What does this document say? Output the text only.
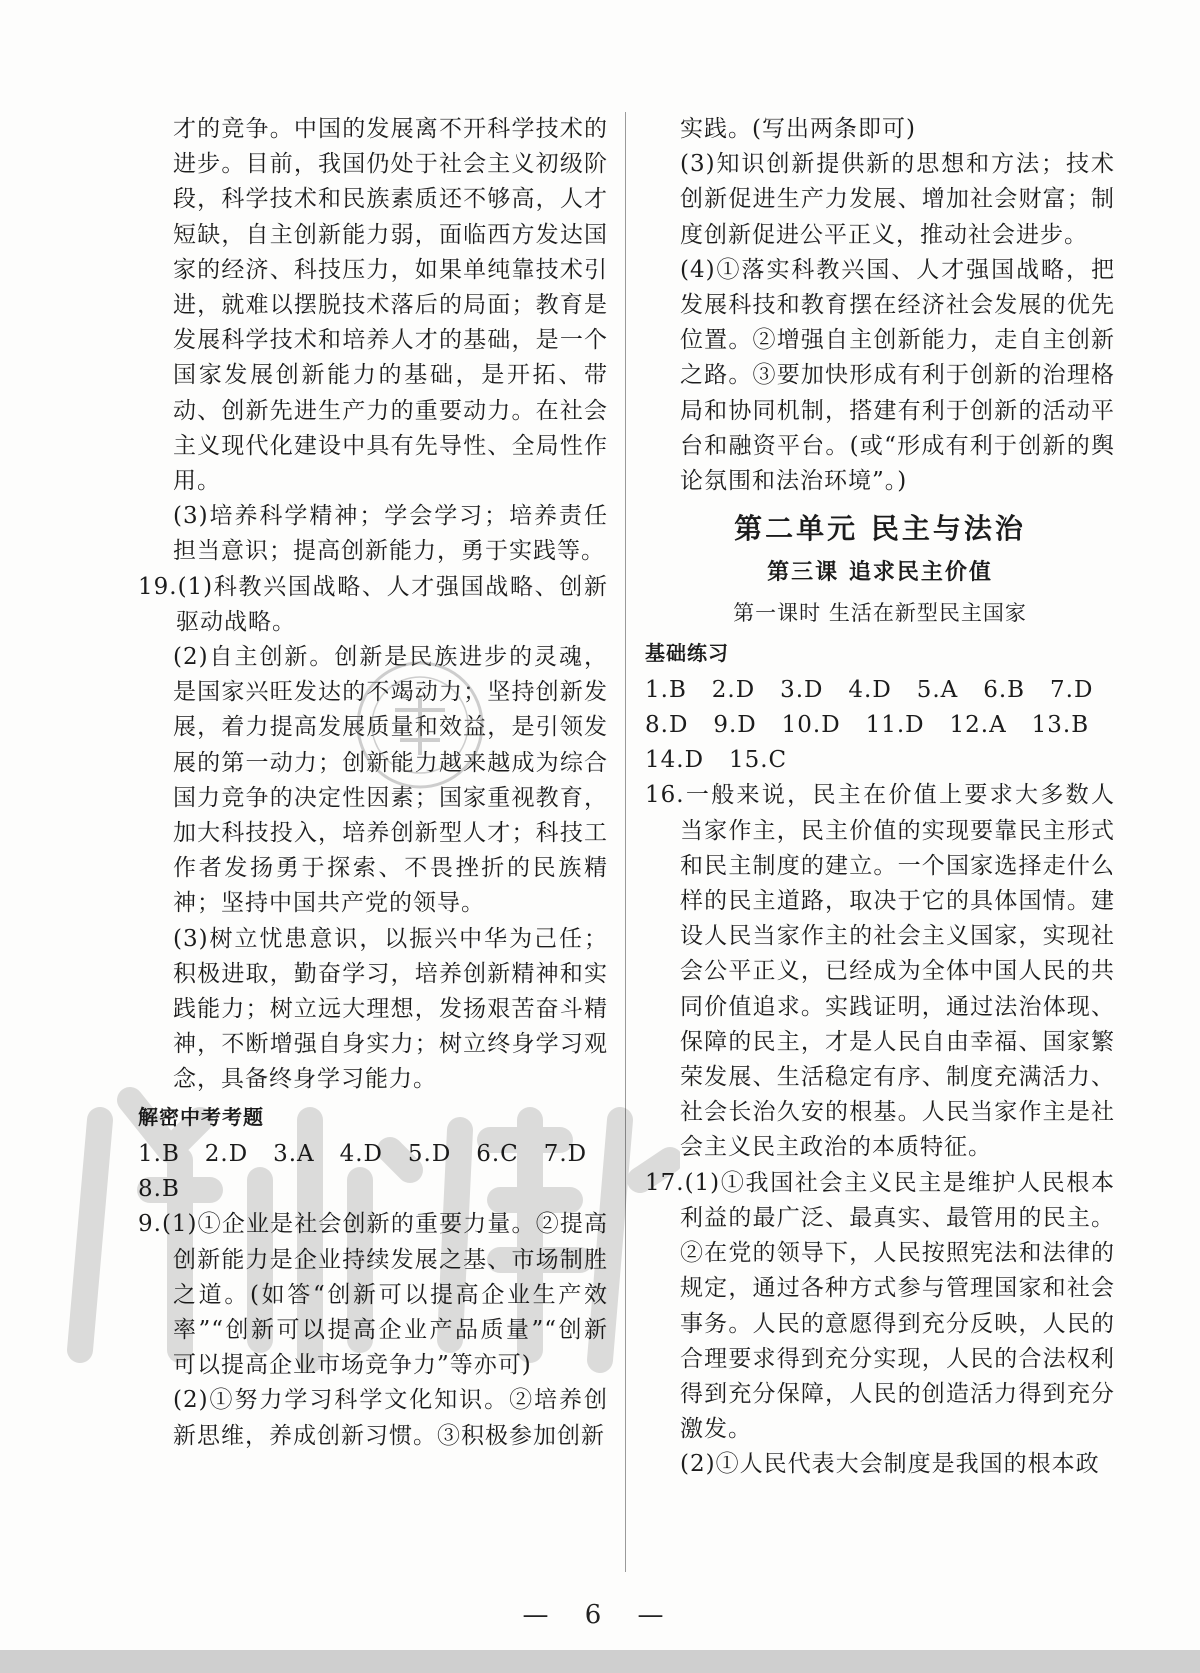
才的竞争。中国的发展离不开科学技术的进步。目前，我国仍处于社会主义初级阶段，科学技术和民族素质还不够高，人才短缺，自主创新能力弱，面临西方发达国家的经济、科技压力，如果单纯靠技术引进，就难以摆脱技术落后的局面；教育是发展科学技术和培养人才的基础，是一个国家发展创新能力的基础，是开拓、带动、创新先进生产力的重要动力。在社会主义现代化建设中具有先导性、全局性作用。

(3)培养科学精神；学会学习；培养责任担当意识；提高创新能力，勇于实践等。

19.(1)科教兴国战略、人才强国战略、创新驱动战略。

(2)自主创新。创新是民族进步的灵魂，是国家兴旺发达的不竭动力；坚持创新发展，着力提高发展质量和效益，是引领发展的第一动力；创新能力越来越成为综合国力竞争的决定性因素；国家重视教育，加大科技投入，培养创新型人才；科技工作者发扬勇于探索、不畏挫折的民族精神；坚持中国共产党的领导。

(3)树立忧患意识，以振兴中华为己任；积极进取，勤奋学习，培养创新精神和实践能力；树立远大理想，发扬艰苦奋斗精神，不断增强自身实力；树立终身学习观念，具备终身学习能力。

解密中考考题

1.B   2.D   3.A   4.D   5.D   6.C   7.D

8.B

9.(1)①企业是社会创新的重要力量。②提高创新能力是企业持续发展之基、市场制胜之道。(如答“创新可以提高企业生产效率”“创新可以提高企业产品质量”“创新可以提高企业市场竞争力”等亦可)

(2)①努力学习科学文化知识。②培养创新思维，养成创新习惯。③积极参加创新

实践。(写出两条即可)

(3)知识创新提供新的思想和方法；技术创新促进生产力发展、增加社会财富；制度创新促进公平正义，推动社会进步。

(4)①落实科教兴国、人才强国战略，把发展科技和教育摆在经济社会发展的优先位置。②增强自主创新能力，走自主创新之路。③要加快形成有利于创新的治理格局和协同机制，搭建有利于创新的活动平台和融资平台。(或“形成有利于创新的舆论氛围和法治环境”。)

第二单元 民主与法治
第三课 追求民主价值
第一课时 生活在新型民主国家
基础练习

1.B   2.D   3.D   4.D   5.A   6.B   7.D

8.D   9.D   10.D   11.D   12.A   13.B

14.D   15.C

16.一般来说，民主在价值上要求大多数人当家作主，民主价值的实现要靠民主形式和民主制度的建立。一个国家选择走什么样的民主道路，取决于它的具体国情。建设人民当家作主的社会主义国家，实现社会公平正义，已经成为全体中国人民的共同价值追求。实践证明，通过法治体现、保障的民主，才是人民自由幸福、国家繁荣发展、生活稳定有序、制度充满活力、社会长治久安的根基。人民当家作主是社会主义民主政治的本质特征。

17.(1)①我国社会主义民主是维护人民根本利益的最广泛、最真实、最管用的民主。②在党的领导下，人民按照宪法和法律的规定，通过各种方式参与管理国家和社会事务。人民的意愿得到充分反映，人民的合理要求得到充分实现，人民的合法权利得到充分保障，人民的创造活力得到充分激发。

(2)①人民代表大会制度是我国的根本政

— 6 —
